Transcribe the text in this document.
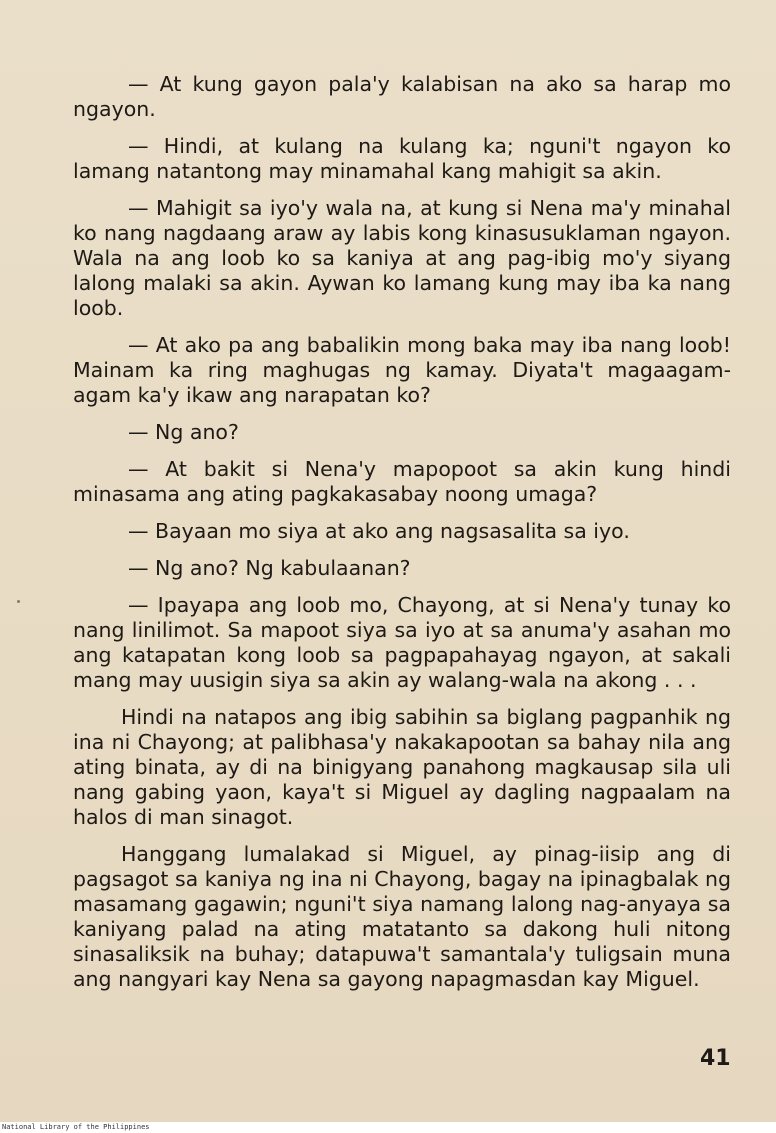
— At kung gayon pala'y kalabisan na ako sa harap mo ngayon.

— Hindi, at kulang na kulang ka; nguni't ngayon ko lamang natantong may minamahal kang mahigit sa akin.

— Mahigit sa iyo'y wala na, at kung si Nena ma'y minahal ko nang nagdaang araw ay labis kong kinasusuklaman ngayon. Wala na ang loob ko sa kaniya at ang pag-ibig mo'y siyang lalong malaki sa akin. Aywan ko lamang kung may iba ka nang loob.

— At ako pa ang babalikin mong baka may iba nang loob! Mainam ka ring maghugas ng kamay. Diyata't magaagam-agam ka'y ikaw ang narapatan ko?

— Ng ano?

— At bakit si Nena'y mapopoot sa akin kung hindi minasama ang ating pagkakasabay noong umaga?

— Bayaan mo siya at ako ang nagsasalita sa iyo.

— Ng ano? Ng kabulaanan?

— Ipayapa ang loob mo, Chayong, at si Nena'y tunay ko nang linilimot. Sa mapoot siya sa iyo at sa anuma'y asahan mo ang katapatan kong loob sa pagpapahayag ngayon, at sakali mang may uusigin siya sa akin ay walang-wala na akong . . .

Hindi na natapos ang ibig sabihin sa biglang pagpanhik ng ina ni Chayong; at palibhasa'y nakakapootan sa bahay nila ang ating binata, ay di na binigyang panahong magkausap sila uli nang gabing yaon, kaya't si Miguel ay dagling nagpaalam na halos di man sinagot.

Hanggang lumalakad si Miguel, ay pinag-iisip ang di pagsagot sa kaniya ng ina ni Chayong, bagay na ipinagbalak ng masamang gagawin; nguni't siya namang lalong nag-anyaya sa kaniyang palad na ating matatanto sa dakong huli nitong sinasaliksik na buhay; datapuwa't samantala'y tuligsain muna ang nangyari kay Nena sa gayong napagmasdan kay Miguel.

41
National Library of the Philippines
